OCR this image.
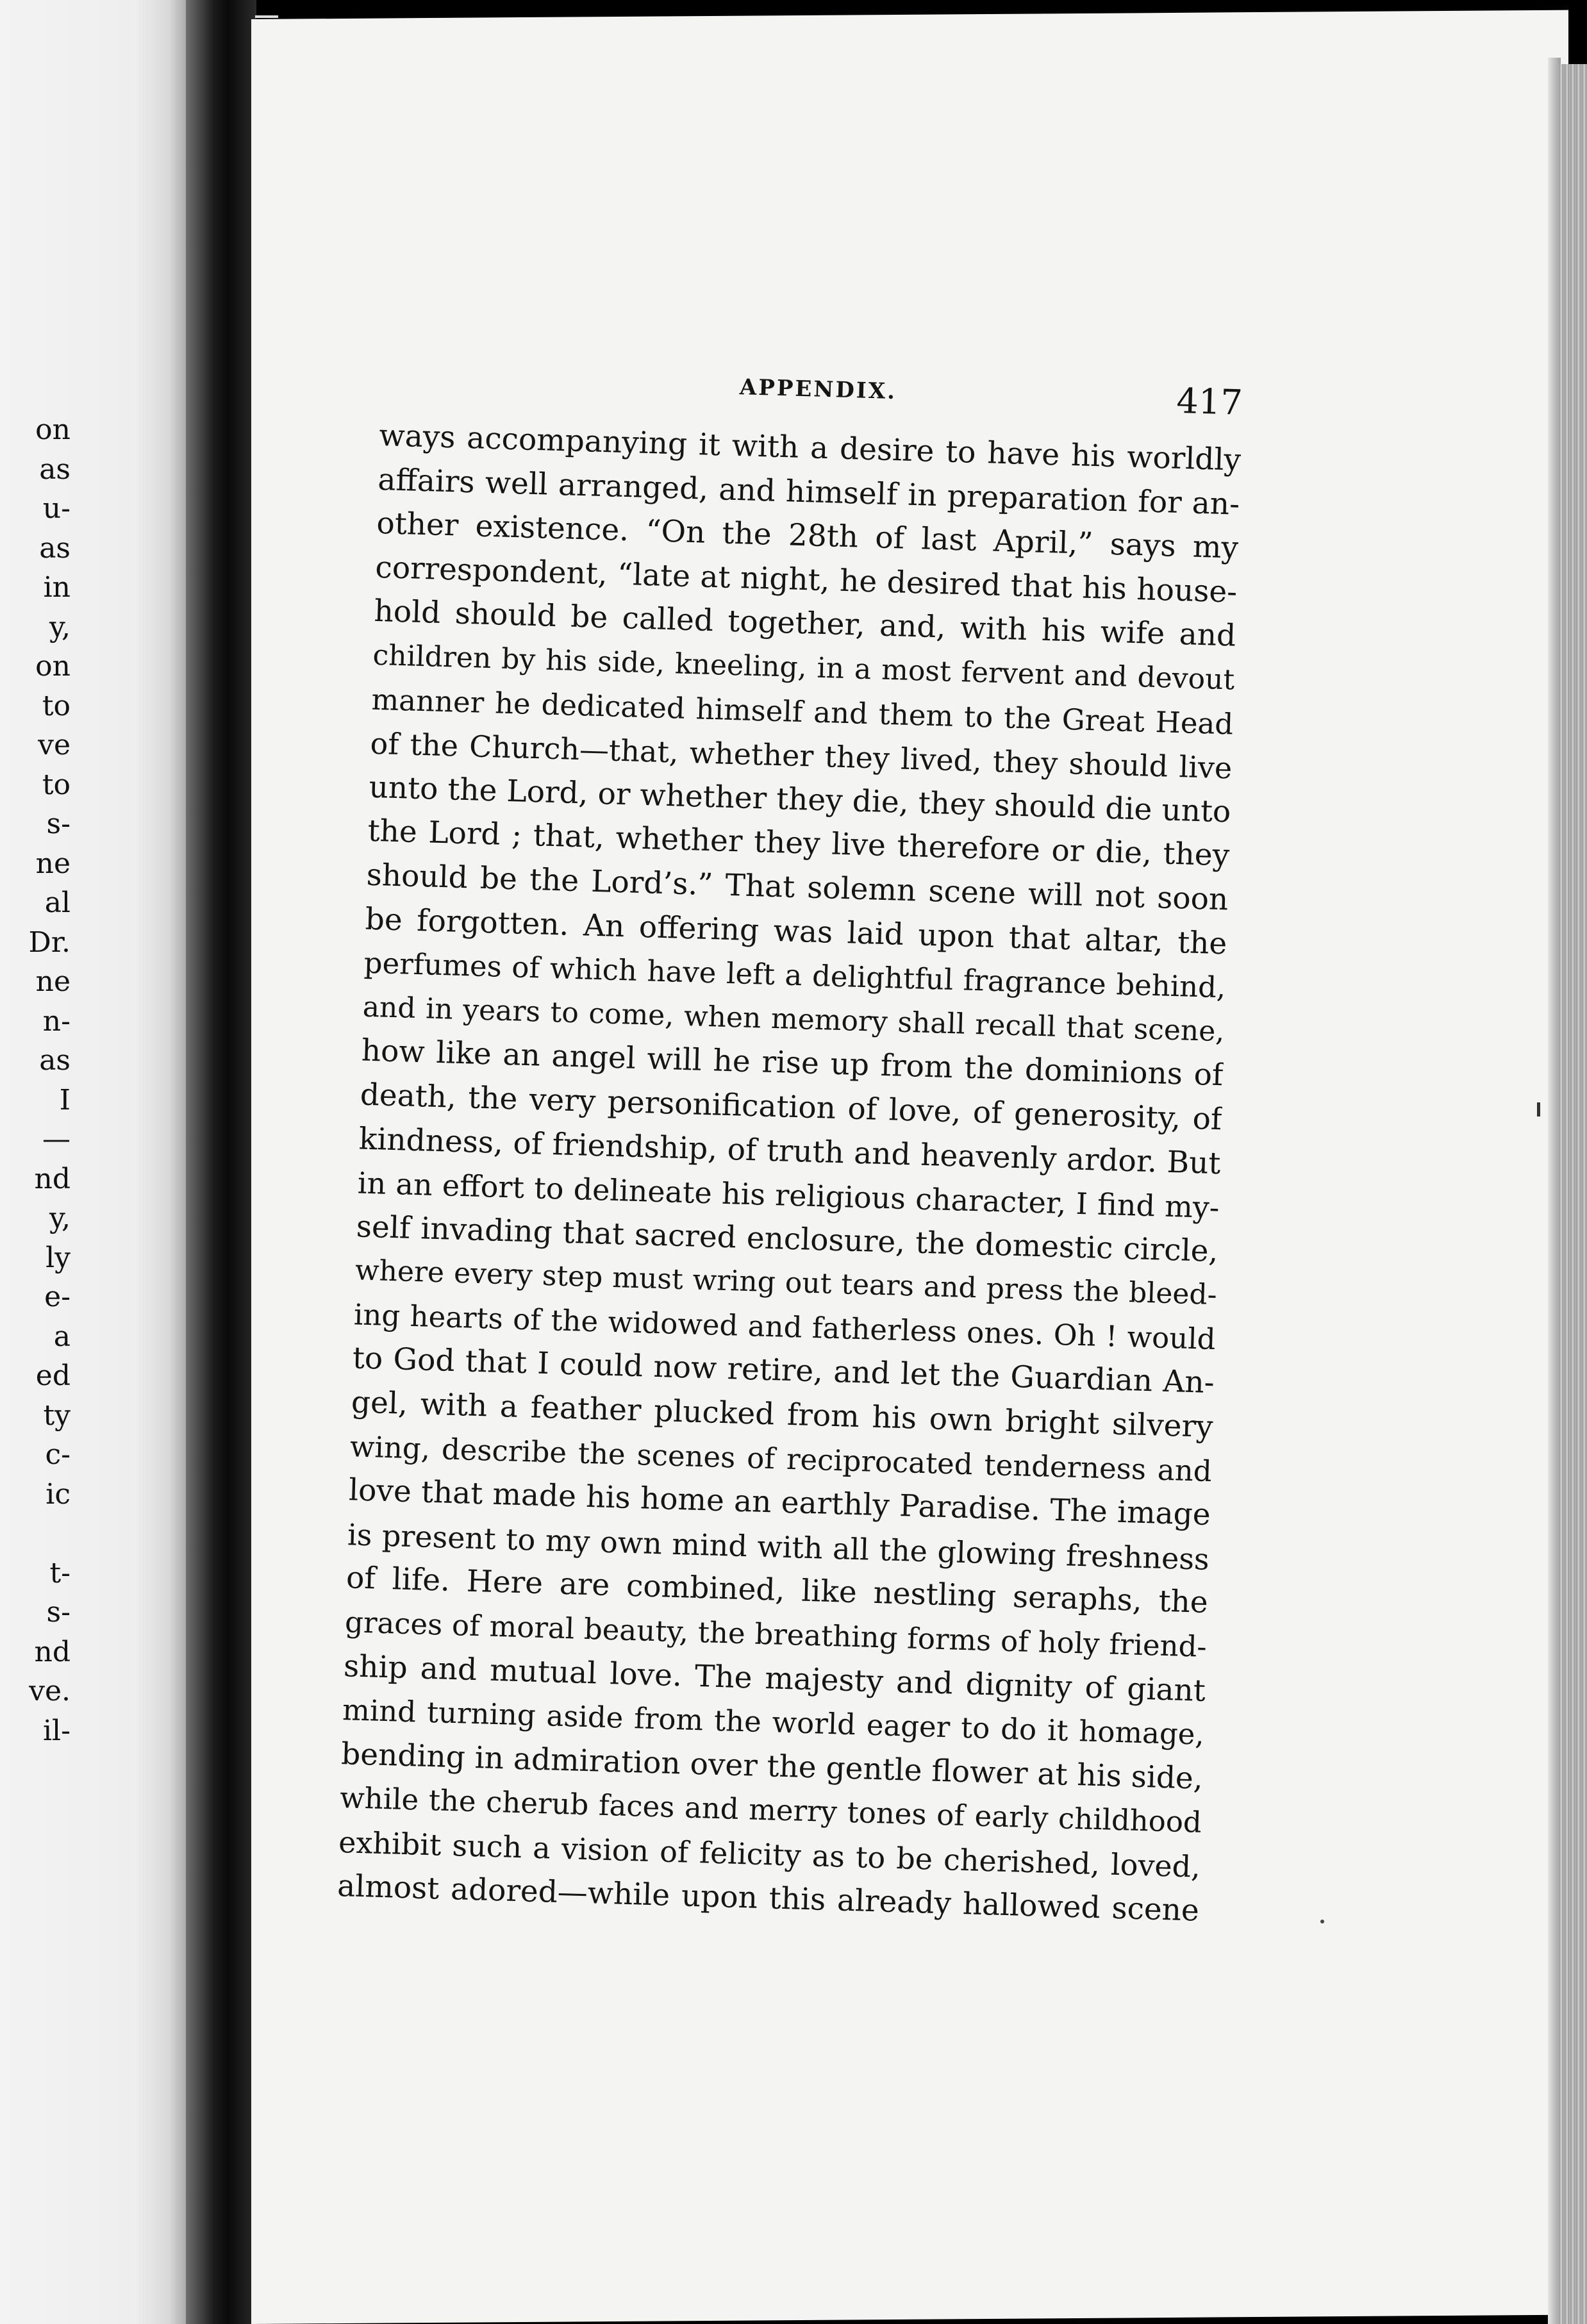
on
as
u-
as
in
y,
on
to
ve
to
s-
ne
al
Dr.
ne
n-
as
I
—
nd
y,
ly
e-
a
ed
ty
c-
ic
t-
s-
nd
ve.
il-
APPENDIX.	417
ways accompanying it with a desire to have his worldly
affairs well arranged, and himself in preparation for an-
other existence. “On the 28th of last April,” says my
correspondent, “late at night, he desired that his house-
hold should be called together, and, with his wife and
children by his side, kneeling, in a most fervent and devout
manner he dedicated himself and them to the Great Head
of the Church—that, whether they lived, they should live
unto the Lord, or whether they die, they should die unto
the Lord ; that, whether they live therefore or die, they
should be the Lord’s.” That solemn scene will not soon
be forgotten. An offering was laid upon that altar, the
perfumes of which have left a delightful fragrance behind,
and in years to come, when memory shall recall that scene,
how like an angel will he rise up from the dominions of
death, the very personification of love, of generosity, of
kindness, of friendship, of truth and heavenly ardor. But
in an effort to delineate his religious character, I find my-
self invading that sacred enclosure, the domestic circle,
where every step must wring out tears and press the bleed-
ing hearts of the widowed and fatherless ones. Oh ! would
to God that I could now retire, and let the Guardian An-
gel, with a feather plucked from his own bright silvery
wing, describe the scenes of reciprocated tenderness and
love that made his home an earthly Paradise. The image
is present to my own mind with all the glowing freshness
of life. Here are combined, like nestling seraphs, the
graces of moral beauty, the breathing forms of holy friend-
ship and mutual love. The majesty and dignity of giant
mind turning aside from the world eager to do it homage,
bending in admiration over the gentle flower at his side,
while the cherub faces and merry tones of early childhood
exhibit such a vision of felicity as to be cherished, loved,
almost adored—while upon this already hallowed scene
